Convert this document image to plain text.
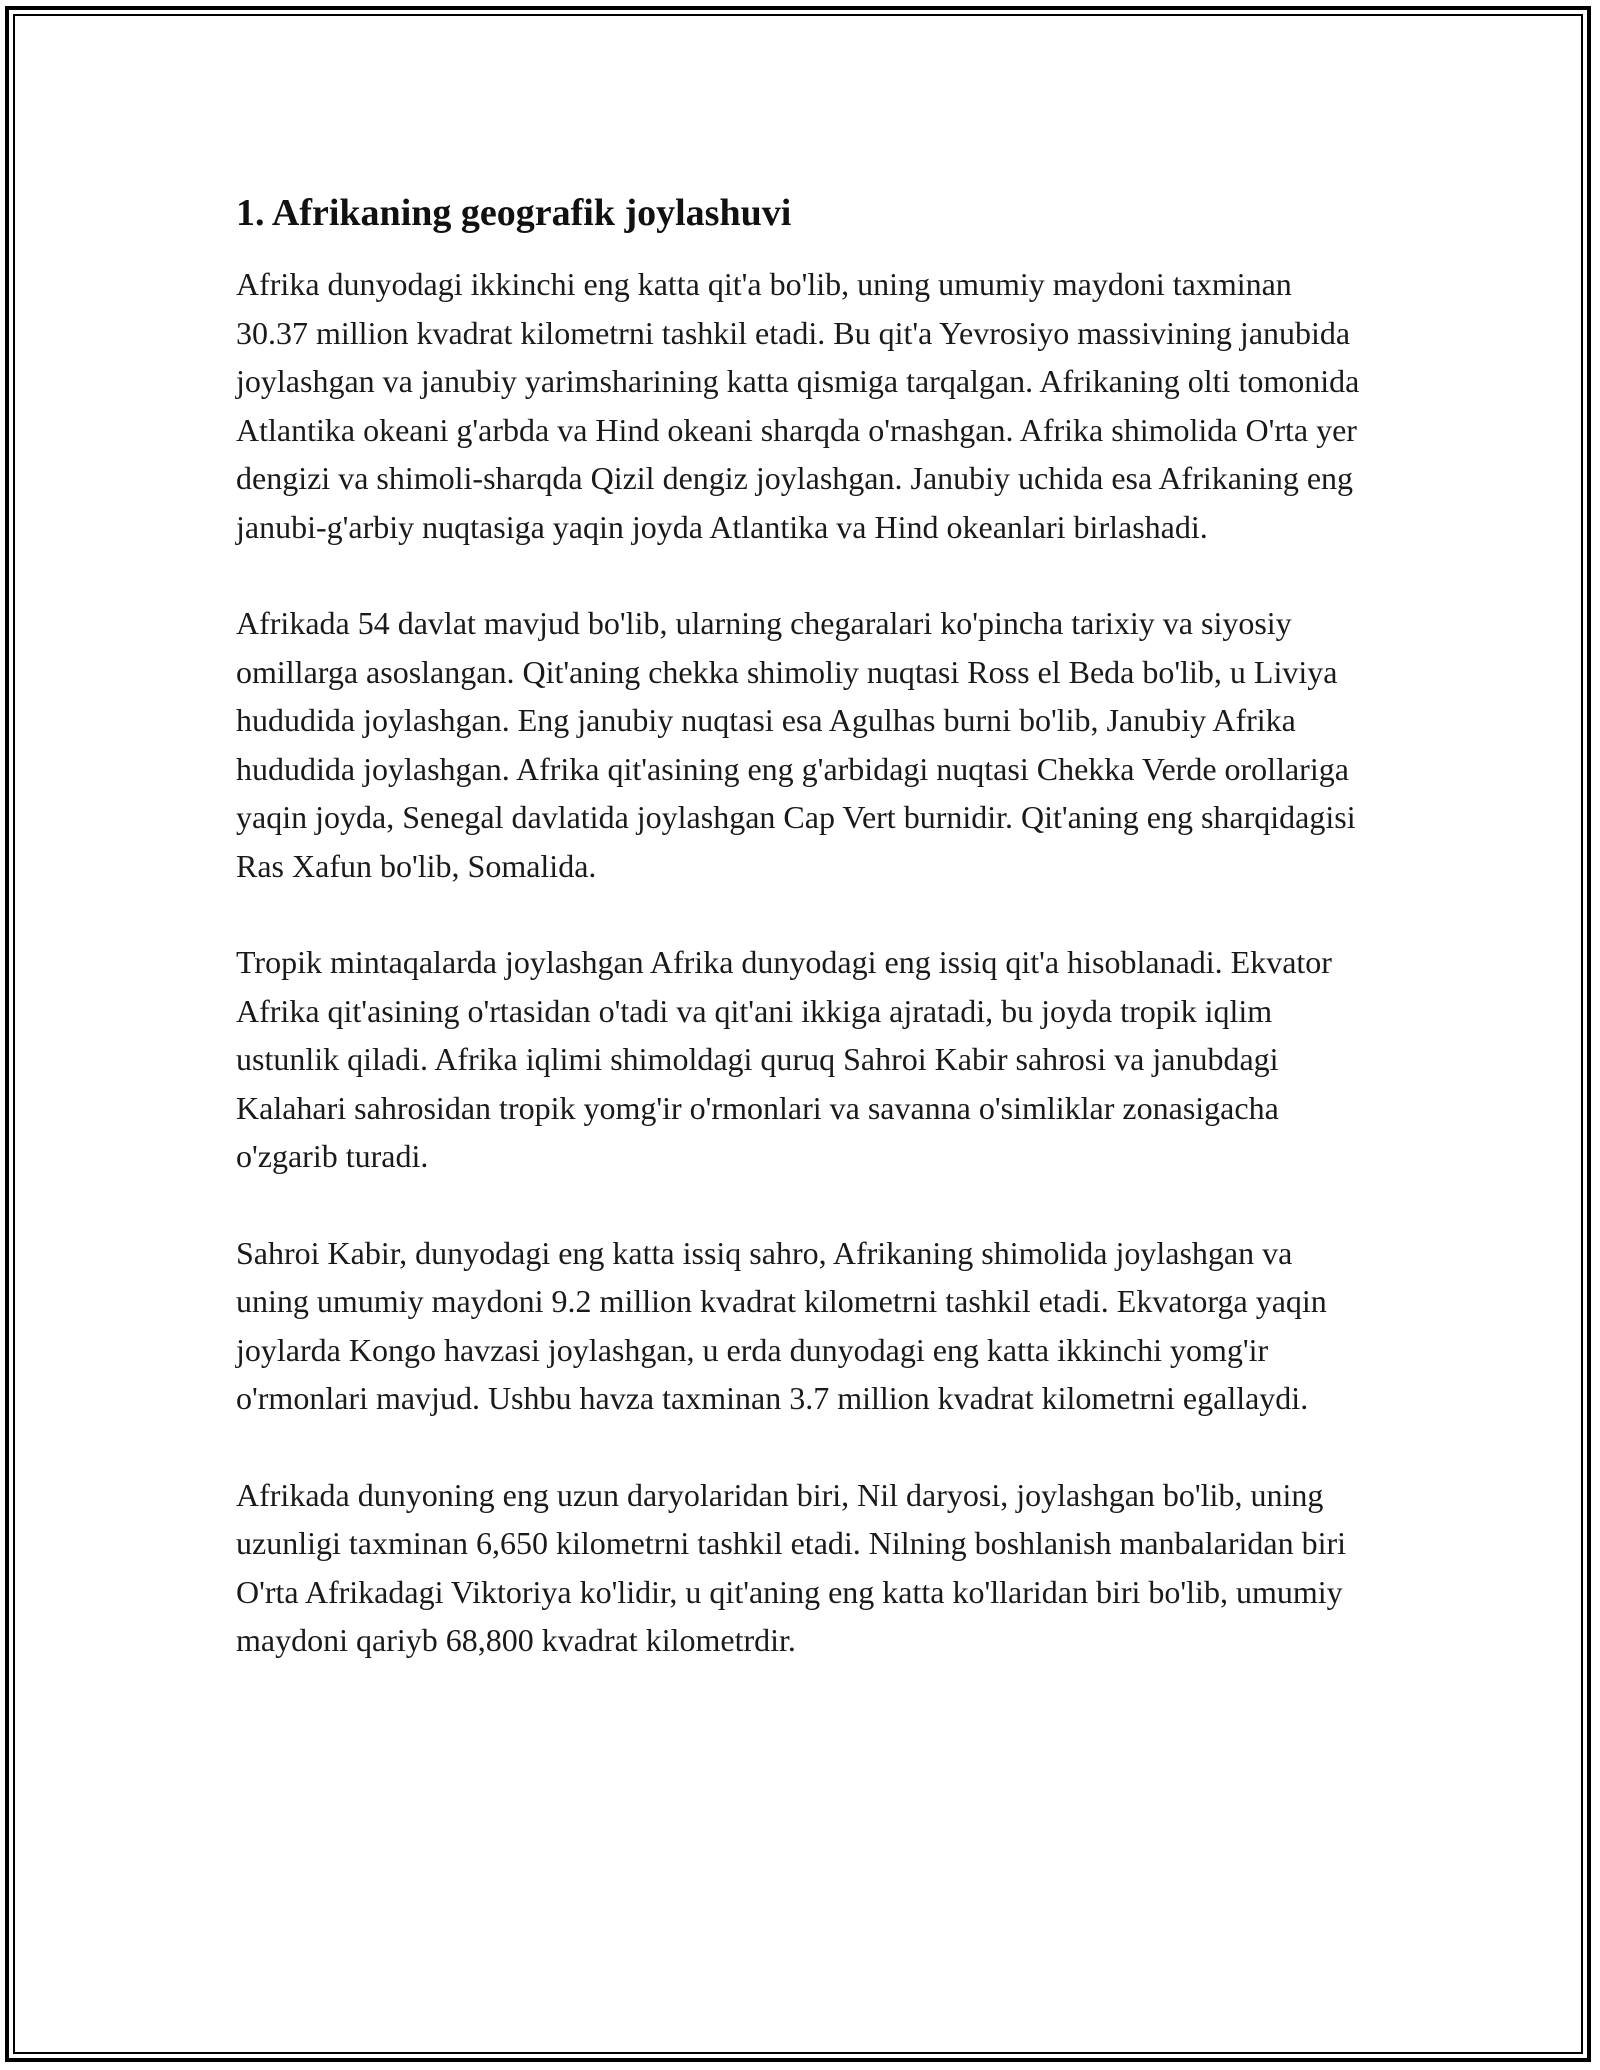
1. Afrikaning geografik joylashuvi

Afrika dunyodagi ikkinchi eng katta qit'a bo'lib, uning umumiy maydoni taxminan 30.37 million kvadrat kilometrni tashkil etadi. Bu qit'a Yevrosiyo massivining janubida joylashgan va janubiy yarimsharining katta qismiga tarqalgan. Afrikaning olti tomonida Atlantika okeani g'arbda va Hind okeani sharqda o'rnashgan. Afrika shimolida O'rta yer dengizi va shimoli-sharqda Qizil dengiz joylashgan. Janubiy uchida esa Afrikaning eng janubi-g'arbiy nuqtasiga yaqin joyda Atlantika va Hind okeanlari birlashadi.

Afrikada 54 davlat mavjud bo'lib, ularning chegaralari ko'pincha tarixiy va siyosiy omillarga asoslangan. Qit'aning chekka shimoliy nuqtasi Ross el Beda bo'lib, u Liviya hududida joylashgan. Eng janubiy nuqtasi esa Agulhas burni bo'lib, Janubiy Afrika hududida joylashgan. Afrika qit'asining eng g'arbidagi nuqtasi Chekka Verde orollariga yaqin joyda, Senegal davlatida joylashgan Cap Vert burnidir. Qit'aning eng sharqidagisi Ras Xafun bo'lib, Somalida.

Tropik mintaqalarda joylashgan Afrika dunyodagi eng issiq qit'a hisoblanadi. Ekvator Afrika qit'asining o'rtasidan o'tadi va qit'ani ikkiga ajratadi, bu joyda tropik iqlim ustunlik qiladi. Afrika iqlimi shimoldagi quruq Sahroi Kabir sahrosi va janubdagi Kalahari sahrosidan tropik yomg'ir o'rmonlari va savanna o'simliklar zonasigacha o'zgarib turadi.

Sahroi Kabir, dunyodagi eng katta issiq sahro, Afrikaning shimolida joylashgan va uning umumiy maydoni 9.2 million kvadrat kilometrni tashkil etadi. Ekvatorga yaqin joylarda Kongo havzasi joylashgan, u erda dunyodagi eng katta ikkinchi yomg'ir o'rmonlari mavjud. Ushbu havza taxminan 3.7 million kvadrat kilometrni egallaydi.

Afrikada dunyoning eng uzun daryolaridan biri, Nil daryosi, joylashgan bo'lib, uning uzunligi taxminan 6,650 kilometrni tashkil etadi. Nilning boshlanish manbalaridan biri O'rta Afrikadagi Viktoriya ko'lidir, u qit'aning eng katta ko'llaridan biri bo'lib, umumiy maydoni qariyb 68,800 kvadrat kilometrdir.
